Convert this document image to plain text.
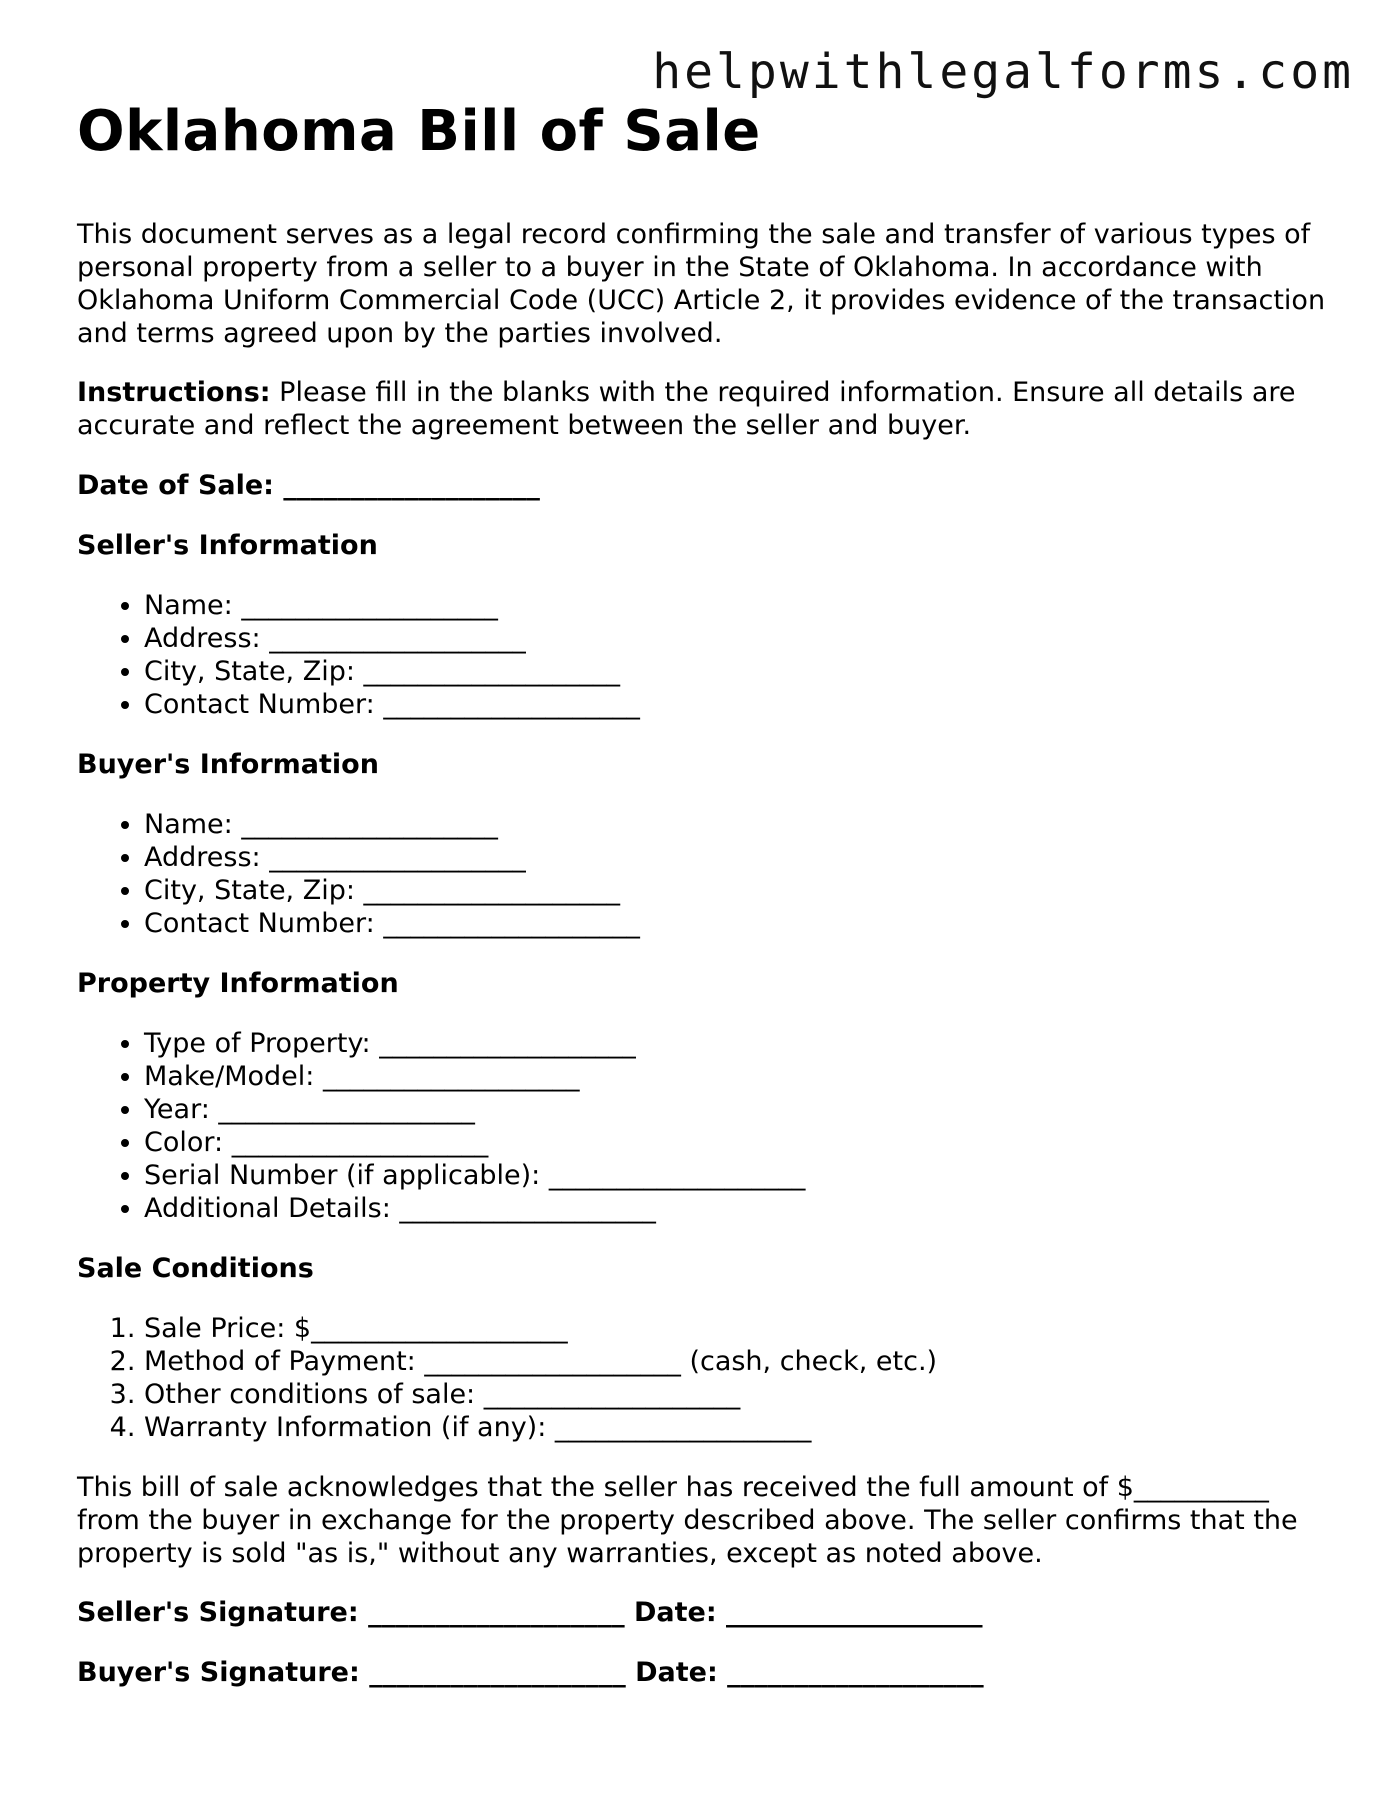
helpwithlegalforms.com
Oklahoma Bill of Sale

This document serves as a legal record confirming the sale and transfer of various types of personal property from a seller to a buyer in the State of Oklahoma. In accordance with Oklahoma Uniform Commercial Code (UCC) Article 2, it provides evidence of the transaction and terms agreed upon by the parties involved.

Instructions: Please fill in the blanks with the required information. Ensure all details are accurate and reflect the agreement between the seller and buyer.

Date of Sale: ___________________
Seller's Information
• Name: ___________________
• Address: ___________________
• City, State, Zip: ___________________
• Contact Number: ___________________
Buyer's Information
• Name: ___________________
• Address: ___________________
• City, State, Zip: ___________________
• Contact Number: ___________________
Property Information
• Type of Property: ___________________
• Make/Model: ___________________
• Year: ___________________
• Color: ___________________
• Serial Number (if applicable): ___________________
• Additional Details: ___________________
Sale Conditions
1. Sale Price: $___________________
2. Method of Payment: ___________________ (cash, check, etc.)
3. Other conditions of sale: ___________________
4. Warranty Information (if any): ___________________

This bill of sale acknowledges that the seller has received the full amount of $__________ from the buyer in exchange for the property described above. The seller confirms that the property is sold "as is," without any warranties, except as noted above.

Seller's Signature: ___________________ Date: ___________________
Buyer's Signature: ___________________ Date: ___________________
